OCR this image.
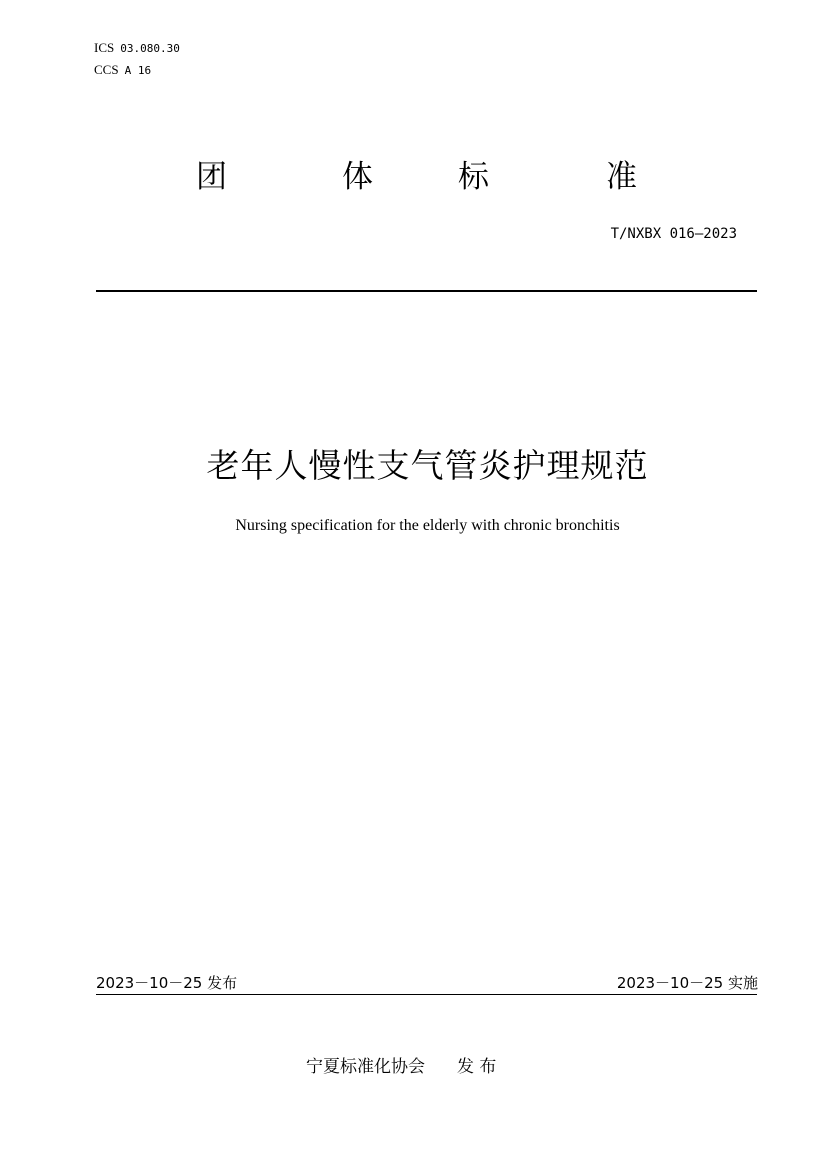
ICS 03.080.30
CCS A 16
团	体	标	准
T/NXBX 016—2023
老年人慢性支气管炎护理规范
Nursing specification for the elderly with chronic bronchitis
2023－10－25 发布	2023－10－25 实施
宁夏标准化协会 发 布
